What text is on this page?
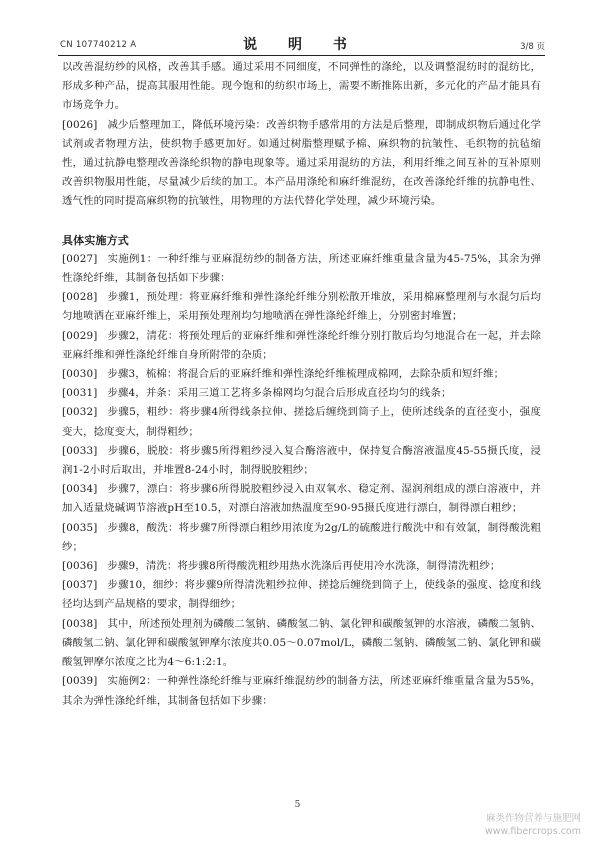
CN 107740212 A	说 明 书	3/8 页

以改善混纺纱的风格，改善其手感。通过采用不同细度，不同弹性的涤纶，以及调整混纺时的混纺比，形成多种产品，提高其服用性能。现今饱和的纺织市场上，需要不断推陈出新，多元化的产品才能具有市场竞争力。

[0026] 减少后整理加工，降低环境污染：改善织物手感常用的方法是后整理，即制成织物后通过化学试剂或者物理方法，使织物手感更加好。如通过树脂整理赋予棉、麻织物的抗皱性、毛织物的抗毡缩性，通过抗静电整理改善涤纶织物的静电现象等。通过采用混纺的方法，利用纤维之间互补的互补原则改善织物服用性能，尽量减少后续的加工。本产品用涤纶和麻纤维混纺，在改善涤纶纤维的抗静电性、透气性的同时提高麻织物的抗皱性，用物理的方法代替化学处理，减少环境污染。

具体实施方式

[0027] 实施例1：一种纤维与亚麻混纺纱的制备方法，所述亚麻纤维重量含量为45-75%，其余为弹性涤纶纤维，其制备包括如下步骤：

[0028] 步骤1，预处理：将亚麻纤维和弹性涤纶纤维分别松散开堆放，采用棉麻整理剂与水混匀后均匀地喷洒在亚麻纤维上，采用预处理剂均匀地喷洒在弹性涤纶纤维上，分别密封堆置；

[0029] 步骤2，清花：将预处理后的亚麻纤维和弹性涤纶纤维分别打散后均匀地混合在一起，并去除亚麻纤维和弹性涤纶纤维自身所附带的杂质；

[0030] 步骤3，梳棉：将混合后的亚麻纤维和弹性涤纶纤维梳理成棉网，去除杂质和短纤维；

[0031] 步骤4，并条：采用三道工艺将多条棉网均匀混合后形成直径均匀的线条；

[0032] 步骤5，粗纱：将步骤4所得线条拉伸、搓捻后缠绕到筒子上，使所述线条的直径变小，强度变大，捻度变大，制得粗纱；

[0033] 步骤6，脱胶：将步骤5所得粗纱浸入复合酶溶液中，保持复合酶溶液温度45-55摄氏度，浸润1-2小时后取出，并堆置8-24小时，制得脱胶粗纱；

[0034] 步骤7，漂白：将步骤6所得脱胶粗纱浸入由双氧水、稳定剂、湿润剂组成的漂白溶液中，并加入适量烧碱调节溶液pH至10.5，对漂白溶液加热温度至90-95摄氏度进行漂白，制得漂白粗纱；

[0035] 步骤8，酸洗：将步骤7所得漂白粗纱用浓度为2g/L的硫酸进行酸洗中和有效氯，制得酸洗粗纱；

[0036] 步骤9，清洗：将步骤8所得酸洗粗纱用热水洗涤后再使用冷水洗涤，制得清洗粗纱；

[0037] 步骤10，细纱：将步骤9所得清洗粗纱拉伸、搓捻后缠绕到筒子上，使线条的强度、捻度和线径均达到产品规格的要求，制得细纱；

[0038] 其中，所述预处理剂为磷酸二氢钠、磷酸氢二钠、氯化钾和碳酸氢钾的水溶液，磷酸二氢钠、磷酸氢二钠、氯化钾和碳酸氢钾摩尔浓度共0.05～0.07mol/L，磷酸二氢钠、磷酸氢二钠、氯化钾和碳酸氢钾摩尔浓度之比为4～6:1:2:1。

[0039] 实施例2：一种弹性涤纶纤维与亚麻纤维混纺纱的制备方法，所述亚麻纤维重量含量为55%，其余为弹性涤纶纤维，其制备包括如下步骤：

5
麻类作物营养与施肥网
www.fibercrops.com
